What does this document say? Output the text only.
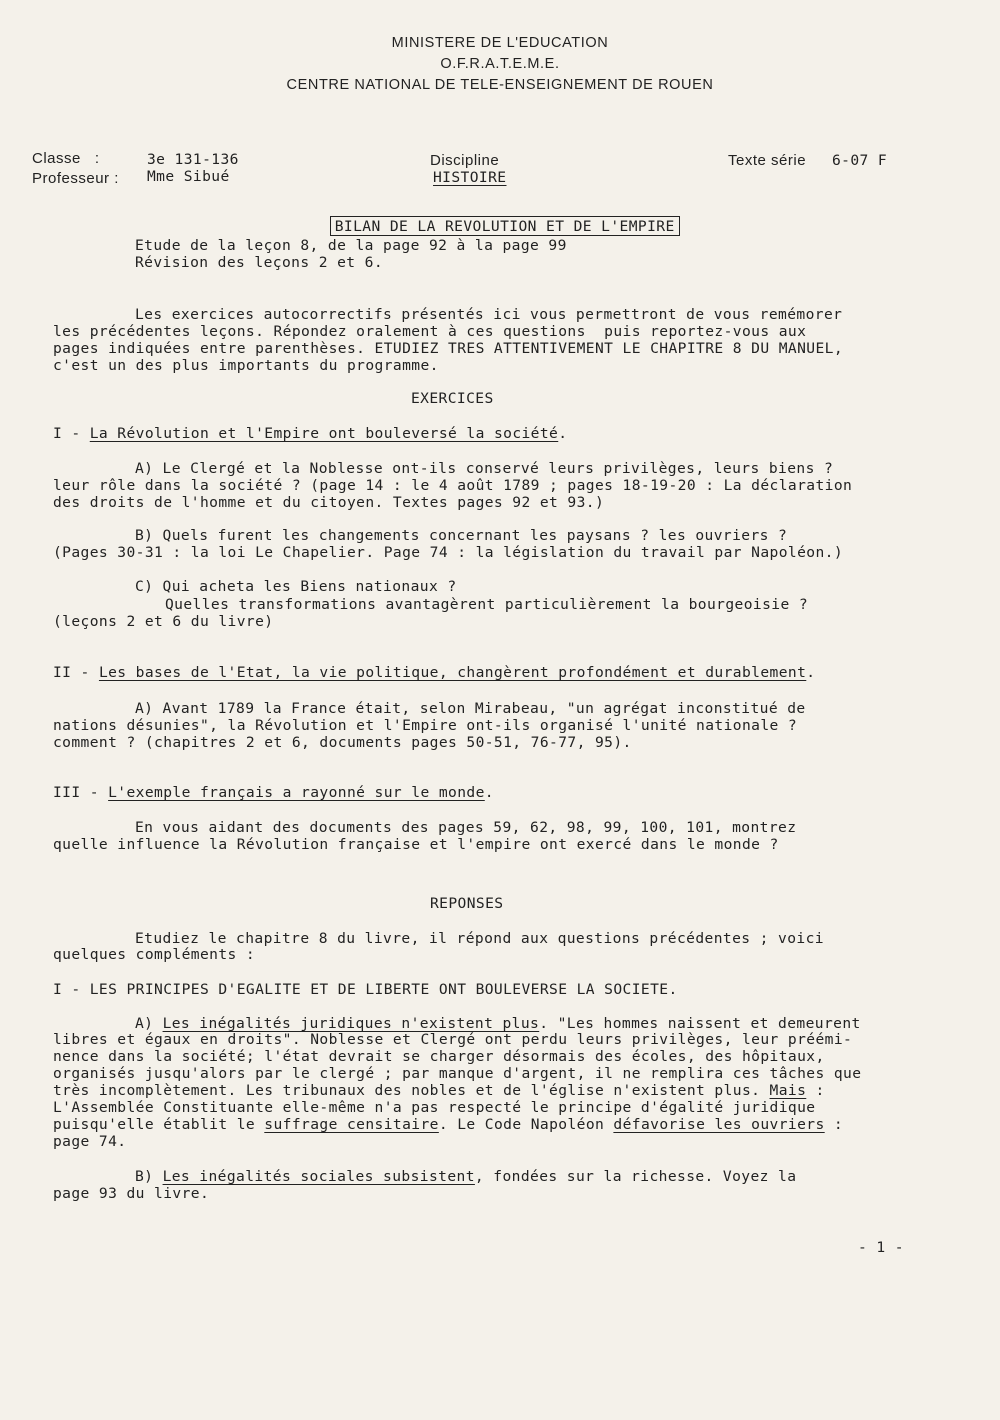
MINISTERE DE L'EDUCATION
O.F.R.A.T.E.M.E.
CENTRE NATIONAL DE TELE-ENSEIGNEMENT DE ROUEN
Classe   :	3e 131-136
Professeur : Mme Sibué
Discipline
HISTOIRE
Texte série 6-07 F

BILAN DE LA REVOLUTION ET DE L'EMPIRE

Etude de la leçon 8, de la page 92 à la page 99
Révision des leçons 2 et 6.
Les exercices autocorrectifs présentés ici vous permettront de vous remémorer
les précédentes leçons. Répondez oralement à ces questions  puis reportez-vous aux
pages indiquées entre parenthèses. ETUDIEZ TRES ATTENTIVEMENT LE CHAPITRE 8 DU MANUEL,
c'est un des plus importants du programme.
EXERCICES
I - La Révolution et l'Empire ont bouleversé la société.
A) Le Clergé et la Noblesse ont-ils conservé leurs privilèges, leurs biens ?
leur rôle dans la société ? (page 14 : le 4 août 1789 ; pages 18-19-20 : La déclaration
des droits de l'homme et du citoyen. Textes pages 92 et 93.)
B) Quels furent les changements concernant les paysans ? les ouvriers ?
(Pages 30-31 : la loi Le Chapelier. Page 74 : la législation du travail par Napoléon.)
C) Qui acheta les Biens nationaux ?
Quelles transformations avantagèrent particulièrement la bourgeoisie ?
(leçons 2 et 6 du livre)
II - Les bases de l'Etat, la vie politique, changèrent profondément et durablement.
A) Avant 1789 la France était, selon Mirabeau, "un agrégat inconstitué de
nations désunies", la Révolution et l'Empire ont-ils organisé l'unité nationale ?
comment ? (chapitres 2 et 6, documents pages 50-51, 76-77, 95).
III - L'exemple français a rayonné sur le monde.
En vous aidant des documents des pages 59, 62, 98, 99, 100, 101, montrez
quelle influence la Révolution française et l'empire ont exercé dans le monde ?
REPONSES
Etudiez le chapitre 8 du livre, il répond aux questions précédentes ; voici
quelques compléments :
I - LES PRINCIPES D'EGALITE ET DE LIBERTE ONT BOULEVERSE LA SOCIETE.
A) Les inégalités juridiques n'existent plus. "Les hommes naissent et demeurent
libres et égaux en droits". Noblesse et Clergé ont perdu leurs privilèges, leur préémi-
nence dans la société; l'état devrait se charger désormais des écoles, des hôpitaux,
organisés jusqu'alors par le clergé ; par manque d'argent, il ne remplira ces tâches que
très incomplètement. Les tribunaux des nobles et de l'église n'existent plus. Mais :
L'Assemblée Constituante elle-même n'a pas respecté le principe d'égalité juridique
puisqu'elle établit le suffrage censitaire. Le Code Napoléon défavorise les ouvriers :
page 74.
B) Les inégalités sociales subsistent, fondées sur la richesse. Voyez la
page 93 du livre.
- 1 -
